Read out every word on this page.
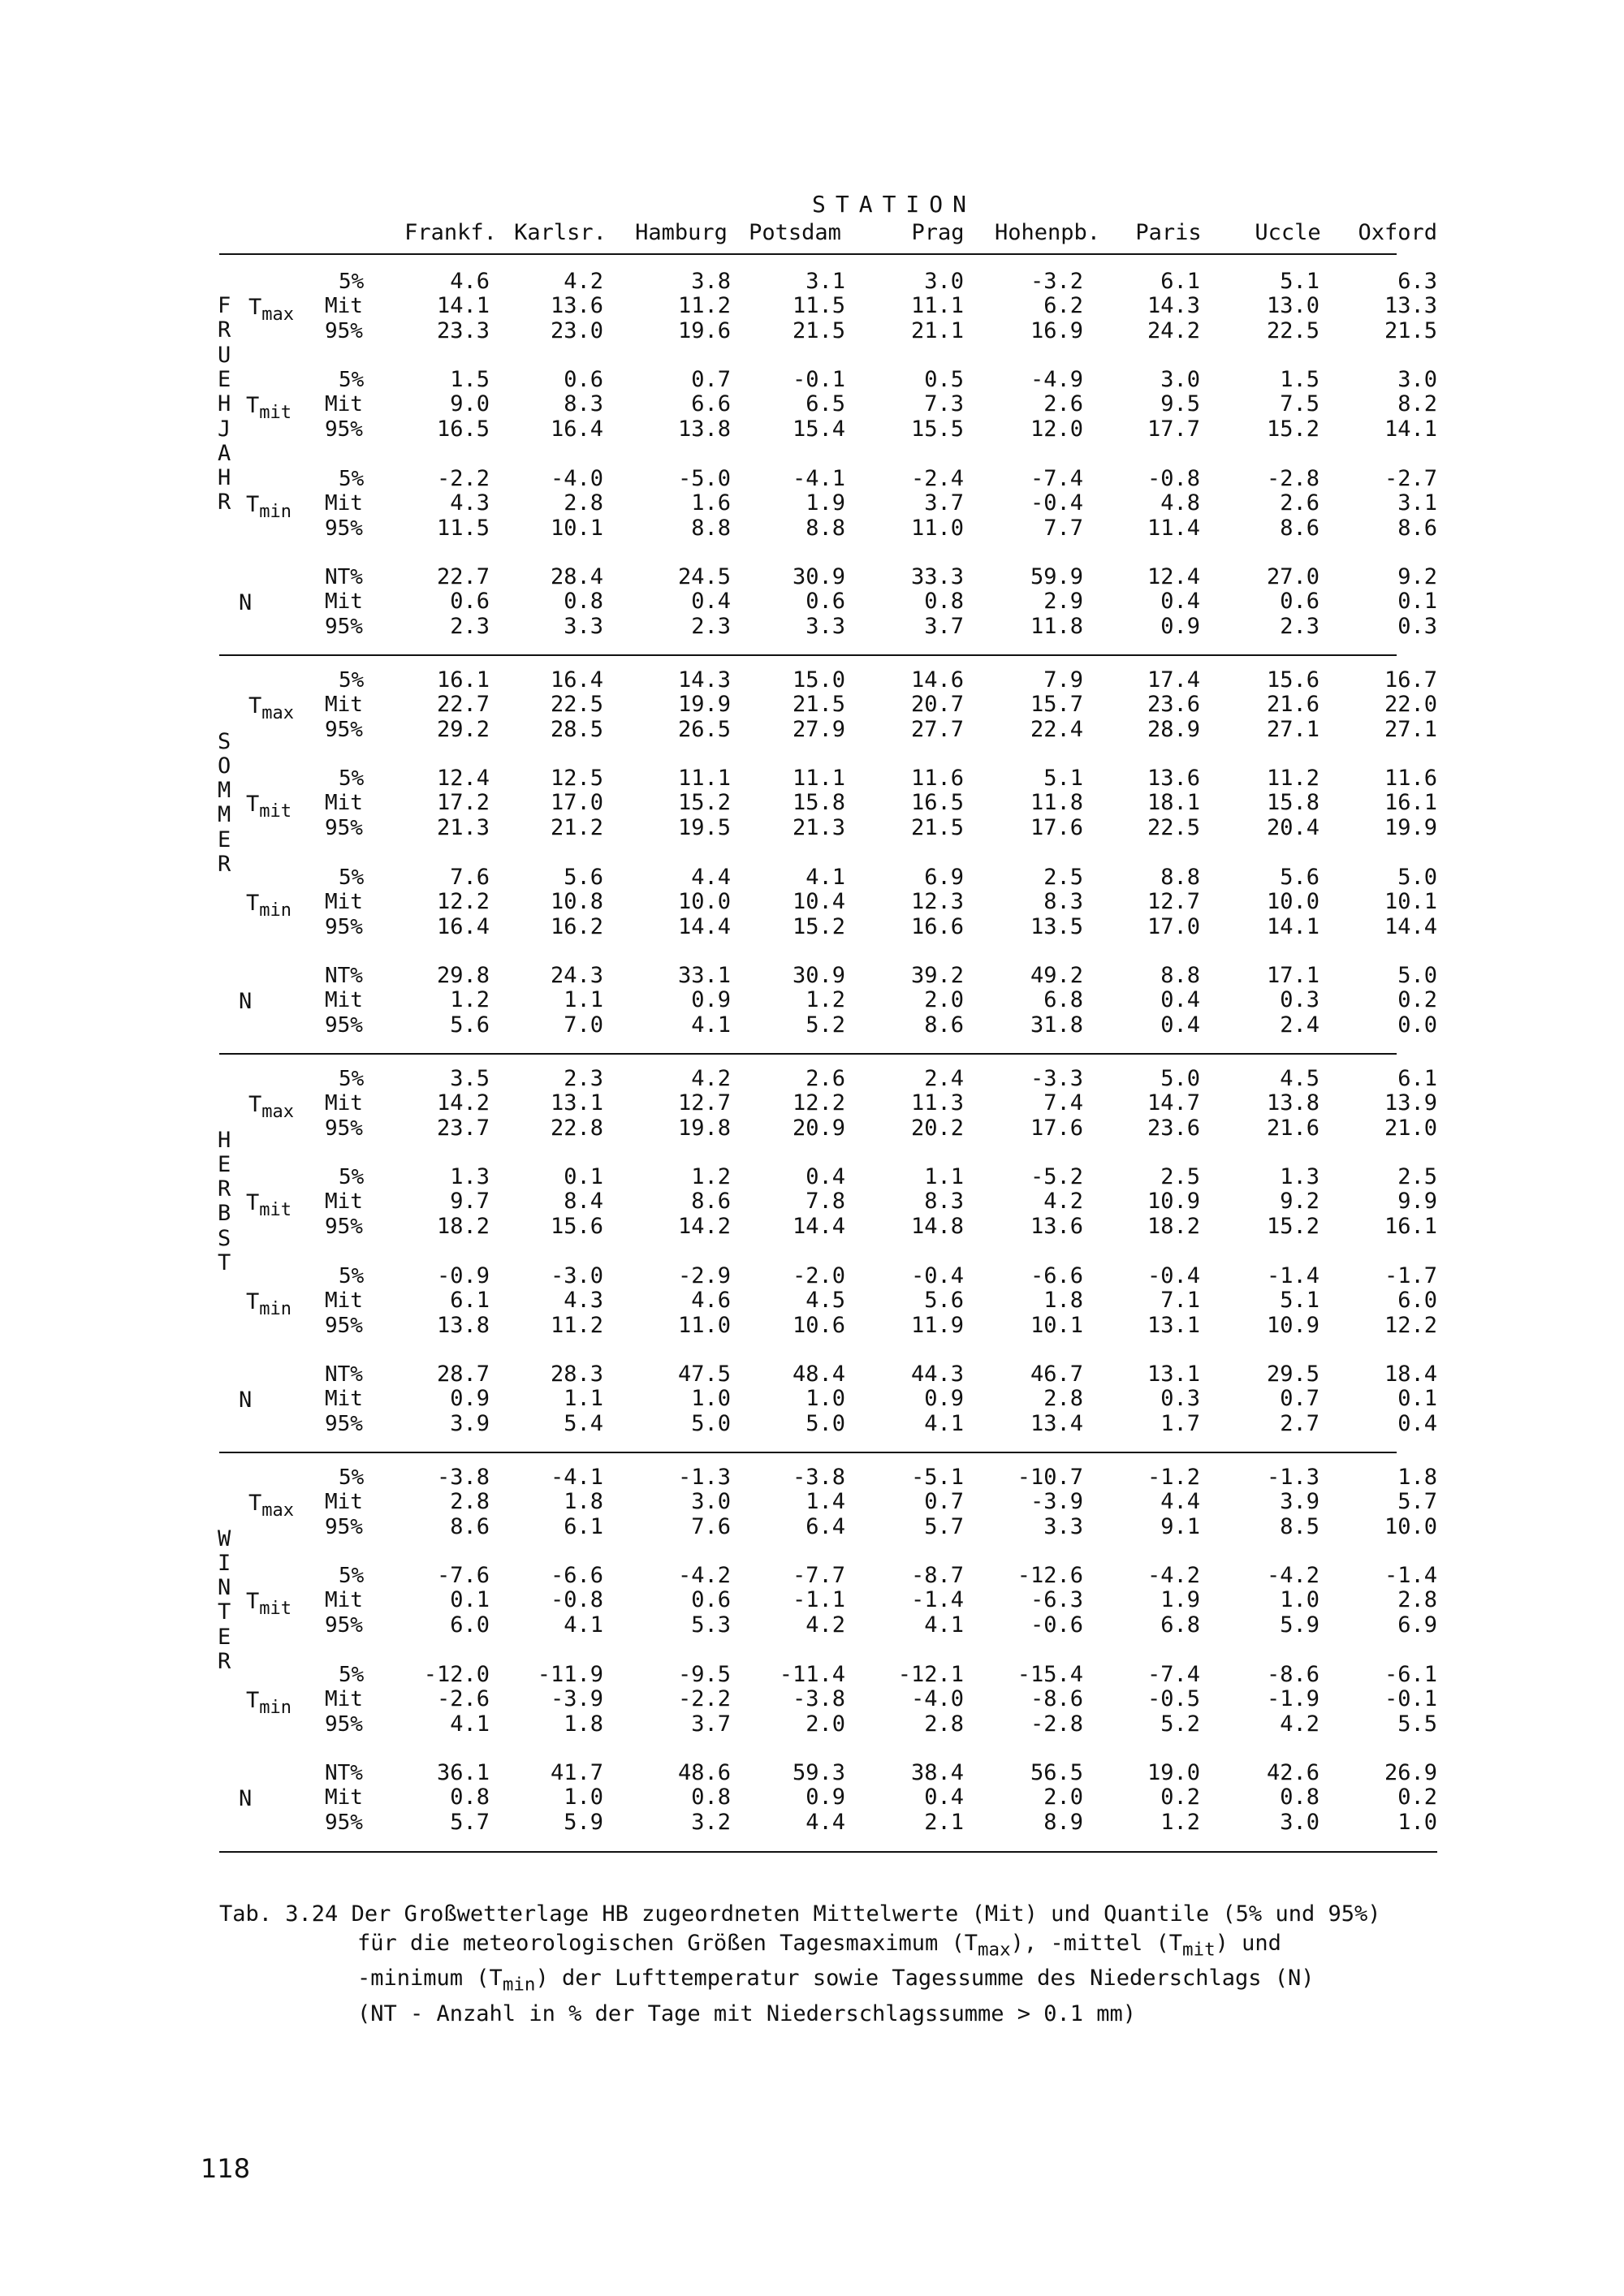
STATION
Frankf. Karlsr. Hamburg Potsdam	Prag Hohenpb. Paris Uccle Oxford
F
R
U
E
H
J
A
H
R
$T_{max}$
5%	4.6	4.2	3.8	3.1	3.0	-3.2	6.1	5.1	6.3
Mit	14.1	13.6	11.2	11.5	11.1	6.2	14.3	13.0	13.3
95%	23.3	23.0	19.6	21.5	21.1	16.9	24.2	22.5	21.5
$T_{mit}$
5%	1.5	0.6	0.7	-0.1	0.5	-4.9	3.0	1.5	3.0
Mit	9.0	8.3	6.6	6.5	7.3	2.6	9.5	7.5	8.2
95%	16.5	16.4	13.8	15.4	15.5	12.0	17.7	15.2	14.1
$T_{min}$
5%	-2.2	-4.0	-5.0	-4.1	-2.4	-7.4	-0.8	-2.8	-2.7
Mit	4.3	2.8	1.6	1.9	3.7	-0.4	4.8	2.6	3.1
95%	11.5	10.1	8.8	8.8	11.0	7.7	11.4	8.6	8.6
N
NT%	22.7	28.4	24.5	30.9	33.3	59.9	12.4	27.0	9.2
Mit	0.6	0.8	0.4	0.6	0.8	2.9	0.4	0.6	0.1
95%	2.3	3.3	2.3	3.3	3.7	11.8	0.9	2.3	0.3
S
O
M
M
E
R
$T_{max}$
5%	16.1	16.4	14.3	15.0	14.6	7.9	17.4	15.6	16.7
Mit	22.7	22.5	19.9	21.5	20.7	15.7	23.6	21.6	22.0
95%	29.2	28.5	26.5	27.9	27.7	22.4	28.9	27.1	27.1
$T_{mit}$
5%	12.4	12.5	11.1	11.1	11.6	5.1	13.6	11.2	11.6
Mit	17.2	17.0	15.2	15.8	16.5	11.8	18.1	15.8	16.1
95%	21.3	21.2	19.5	21.3	21.5	17.6	22.5	20.4	19.9
$T_{min}$
5%	7.6	5.6	4.4	4.1	6.9	2.5	8.8	5.6	5.0
Mit	12.2	10.8	10.0	10.4	12.3	8.3	12.7	10.0	10.1
95%	16.4	16.2	14.4	15.2	16.6	13.5	17.0	14.1	14.4
N
NT%	29.8	24.3	33.1	30.9	39.2	49.2	8.8	17.1	5.0
Mit	1.2	1.1	0.9	1.2	2.0	6.8	0.4	0.3	0.2
95%	5.6	7.0	4.1	5.2	8.6	31.8	0.4	2.4	0.0
H
E
R
B
S
T
$T_{max}$
5%	3.5	2.3	4.2	2.6	2.4	-3.3	5.0	4.5	6.1
Mit	14.2	13.1	12.7	12.2	11.3	7.4	14.7	13.8	13.9
95%	23.7	22.8	19.8	20.9	20.2	17.6	23.6	21.6	21.0
$T_{mit}$
5%	1.3	0.1	1.2	0.4	1.1	-5.2	2.5	1.3	2.5
Mit	9.7	8.4	8.6	7.8	8.3	4.2	10.9	9.2	9.9
95%	18.2	15.6	14.2	14.4	14.8	13.6	18.2	15.2	16.1
$T_{min}$
5%	-0.9	-3.0	-2.9	-2.0	-0.4	-6.6	-0.4	-1.4	-1.7
Mit	6.1	4.3	4.6	4.5	5.6	1.8	7.1	5.1	6.0
95%	13.8	11.2	11.0	10.6	11.9	10.1	13.1	10.9	12.2
N
NT%	28.7	28.3	47.5	48.4	44.3	46.7	13.1	29.5	18.4
Mit	0.9	1.1	1.0	1.0	0.9	2.8	0.3	0.7	0.1
95%	3.9	5.4	5.0	5.0	4.1	13.4	1.7	2.7	0.4
W
I
N
T
E
R
$T_{max}$
5%	-3.8	-4.1	-1.3	-3.8	-5.1 -10.7	-1.2	-1.3	1.8
Mit	2.8	1.8	3.0	1.4	0.7	-3.9	4.4	3.9	5.7
95%	8.6	6.1	7.6	6.4	5.7	3.3	9.1	8.5	10.0
$T_{mit}$
5%	-7.6	-6.6	-4.2	-7.7	-8.7 -12.6	-4.2	-4.2	-1.4
Mit	0.1	-0.8	0.6	-1.1	-1.4	-6.3	1.9	1.0	2.8
95%	6.0	4.1	5.3	4.2	4.1	-0.6	6.8	5.9	6.9
$T_{min}$
5%	-12.0 -11.9	-9.5 -11.4 -12.1 -15.4	-7.4	-8.6	-6.1
Mit	-2.6	-3.9	-2.2	-3.8	-4.0	-8.6	-0.5	-1.9	-0.1
95%	4.1	1.8	3.7	2.0	2.8	-2.8	5.2	4.2	5.5
N
NT%	36.1	41.7	48.6	59.3	38.4	56.5	19.0	42.6	26.9
Mit	0.8	1.0	0.8	0.9	0.4	2.0	0.2	0.8	0.2
95%	5.7	5.9	3.2	4.4	2.1	8.9	1.2	3.0	1.0
Tab. 3.24 Der Großwetterlage HB zugeordneten Mittelwerte (Mit) und Quantile (5% und 95%)
für die meteorologischen Größen Tagesmaximum $(T_{max})$, -mittel $(T_{mit})$ und
-minimum $(T_{min})$ der Lufttemperatur sowie Tagessumme des Niederschlags (N)
(NT - Anzahl in % der Tage mit Niederschlagssumme > 0.1 mm)
118
